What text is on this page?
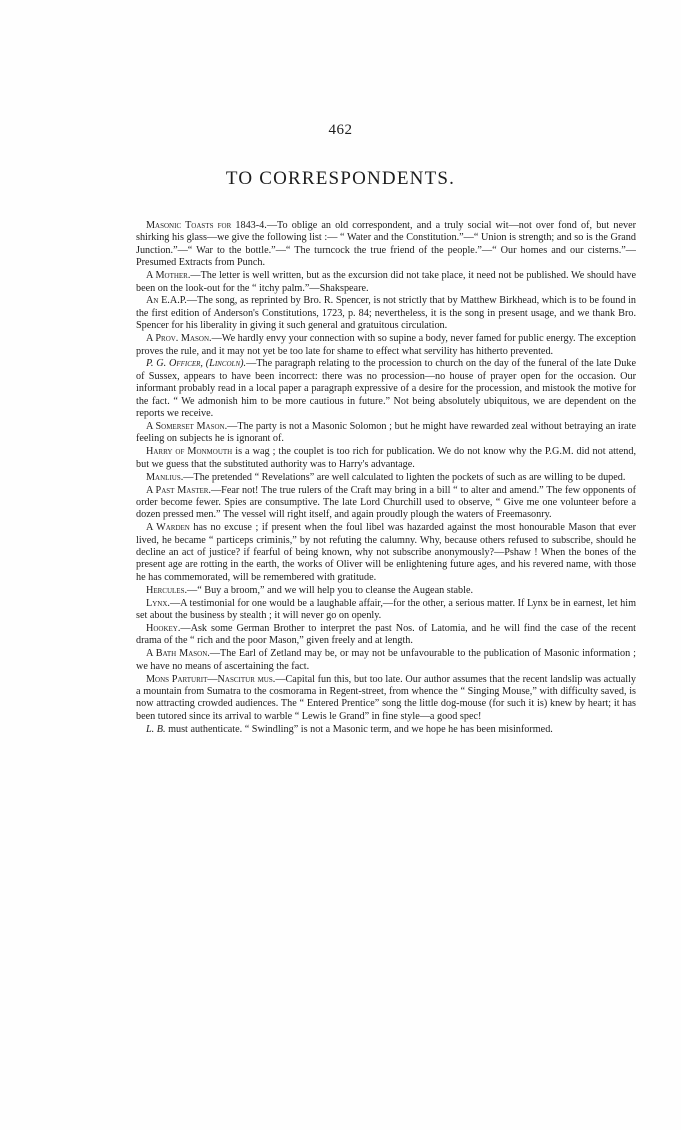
462
TO CORRESPONDENTS.

Masonic Toasts for 1843-4.—To oblige an old correspondent, and a truly social wit—not over fond of, but never shirking his glass—we give the following list :— “ Water and the Constitution.”—“ Union is strength; and so is the Grand Junction.”—“ War to the bottle.”—“ The turncock the true friend of the people.”—“ Our homes and our cisterns.”—Presumed Extracts from Punch.

A Mother.—The letter is well written, but as the excursion did not take place, it need not be published. We should have been on the look-out for the “ itchy palm.”—Shakspeare.

An E.A.P.—The song, as reprinted by Bro. R. Spencer, is not strictly that by Matthew Birkhead, which is to be found in the first edition of Anderson's Constitutions, 1723, p. 84; nevertheless, it is the song in present usage, and we thank Bro. Spencer for his liberality in giving it such general and gratuitous circulation.

A Prov. Mason.—We hardly envy your connection with so supine a body, never famed for public energy. The exception proves the rule, and it may not yet be too late for shame to effect what servility has hitherto prevented.

P. G. Officer, (Lincoln).—The paragraph relating to the procession to church on the day of the funeral of the late Duke of Sussex, appears to have been incorrect: there was no procession—no house of prayer open for the occasion. Our informant probably read in a local paper a paragraph expressive of a desire for the procession, and mistook the motive for the fact. “ We admonish him to be more cautious in future.” Not being absolutely ubiquitous, we are dependent on the reports we receive.

A Somerset Mason.—The party is not a Masonic Solomon ; but he might have rewarded zeal without betraying an irate feeling on subjects he is ignorant of.

Harry of Monmouth is a wag ; the couplet is too rich for publication. We do not know why the P.G.M. did not attend, but we guess that the substituted authority was to Harry's advantage.

Manlius.—The pretended “ Revelations” are well calculated to lighten the pockets of such as are willing to be duped.

A Past Master.—Fear not! The true rulers of the Craft may bring in a bill “ to alter and amend.” The few opponents of order become fewer. Spies are consumptive. The late Lord Churchill used to observe, “ Give me one volunteer before a dozen pressed men.” The vessel will right itself, and again proudly plough the waters of Freemasonry.

A Warden has no excuse ; if present when the foul libel was hazarded against the most honourable Mason that ever lived, he became “ particeps criminis,” by not refuting the calumny. Why, because others refused to subscribe, should he decline an act of justice? if fearful of being known, why not subscribe anonymously?—Pshaw ! When the bones of the present age are rotting in the earth, the works of Oliver will be enlightening future ages, and his revered name, with those he has commemorated, will be remembered with gratitude.

Hercules.—“ Buy a broom,” and we will help you to cleanse the Augean stable.

Lynx.—A testimonial for one would be a laughable affair,—for the other, a serious matter. If Lynx be in earnest, let him set about the business by stealth ; it will never go on openly.

Hookey.—Ask some German Brother to interpret the past Nos. of Latomia, and he will find the case of the recent drama of the “ rich and the poor Mason,” given freely and at length.

A Bath Mason.—The Earl of Zetland may be, or may not be unfavourable to the publication of Masonic information ; we have no means of ascertaining the fact.

Mons Parturit—Nascitur mus.—Capital fun this, but too late. Our author assumes that the recent landslip was actually a mountain from Sumatra to the cosmorama in Regent-street, from whence the “ Singing Mouse,” with difficulty saved, is now attracting crowded audiences. The “ Entered Prentice” song the little dog-mouse (for such it is) knew by heart; it has been tutored since its arrival to warble “ Lewis le Grand” in fine style—a good spec!

L. B. must authenticate. “ Swindling” is not a Masonic term, and we hope he has been misinformed.
